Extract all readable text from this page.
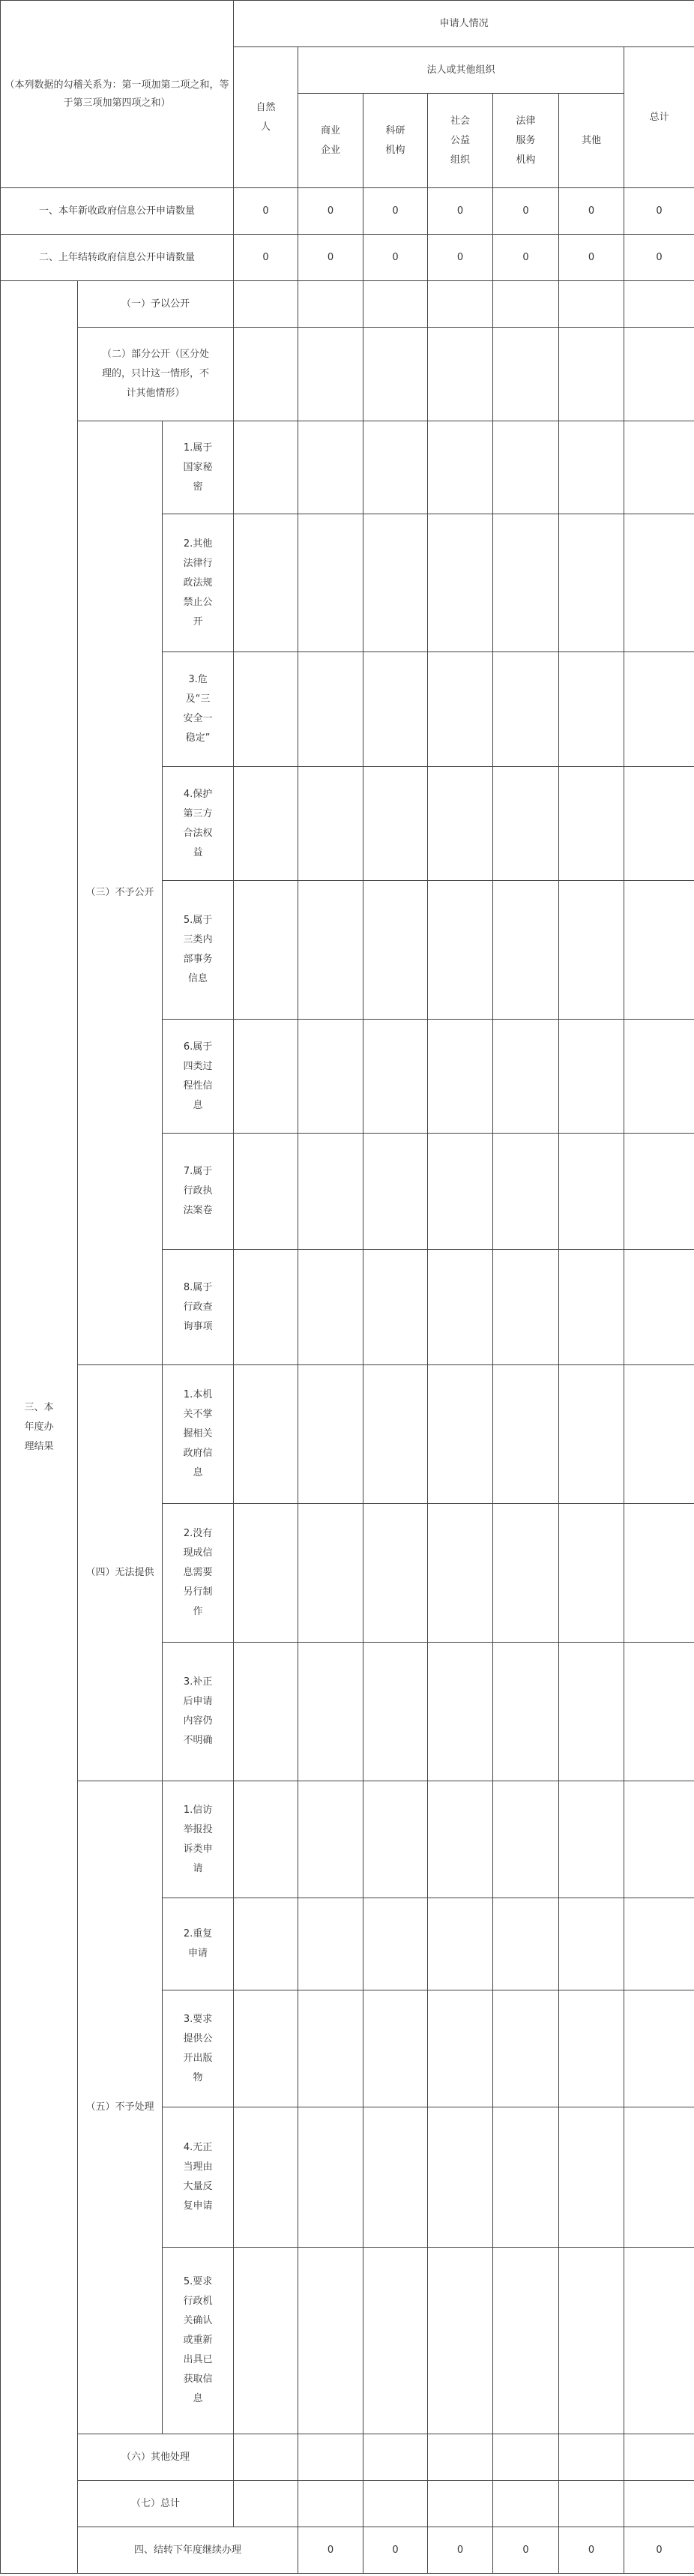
（本列数据的勾稽关系为：第一项加第二项之和，等于第三项加第四项之和）			申请人情况							
			自然人	法人或其他组织					总计	
				商业企业	科研机构	社会公益组织	法律服务机构	其他		
一、本年新收政府信息公开申请数量			0	0	0	0	0	0	0	
二、上年结转政府信息公开申请数量			0	0	0	0	0	0	0	
三、本年度办理结果	（一）予以公开									
	（二）部分公开（区分处理的，只计这一情形，不计其他情形）									
	（三）不予公开	1.属于国家秘密								
		2.其他法律行政法规禁止公开								
		3.危及“三安全一稳定”								
		4.保护第三方合法权益								
		5.属于三类内部事务信息								
		6.属于四类过程性信息								
		7.属于行政执法案卷								
		8.属于行政查询事项								
	（四）无法提供	1.本机关不掌握相关政府信息								
		2.没有现成信息需要另行制作								
		3.补正后申请内容仍不明确								
	（五）不予处理	1.信访举报投诉类申请								
		2.重复申请								
		3.要求提供公开出版物								
		4.无正当理由大量反复申请								
		5.要求行政机关确认或重新出具已获取信息								
	（六）其他处理									
	（七）总计									
	四、结转下年度继续办理			0	0	0	0	0	0	
